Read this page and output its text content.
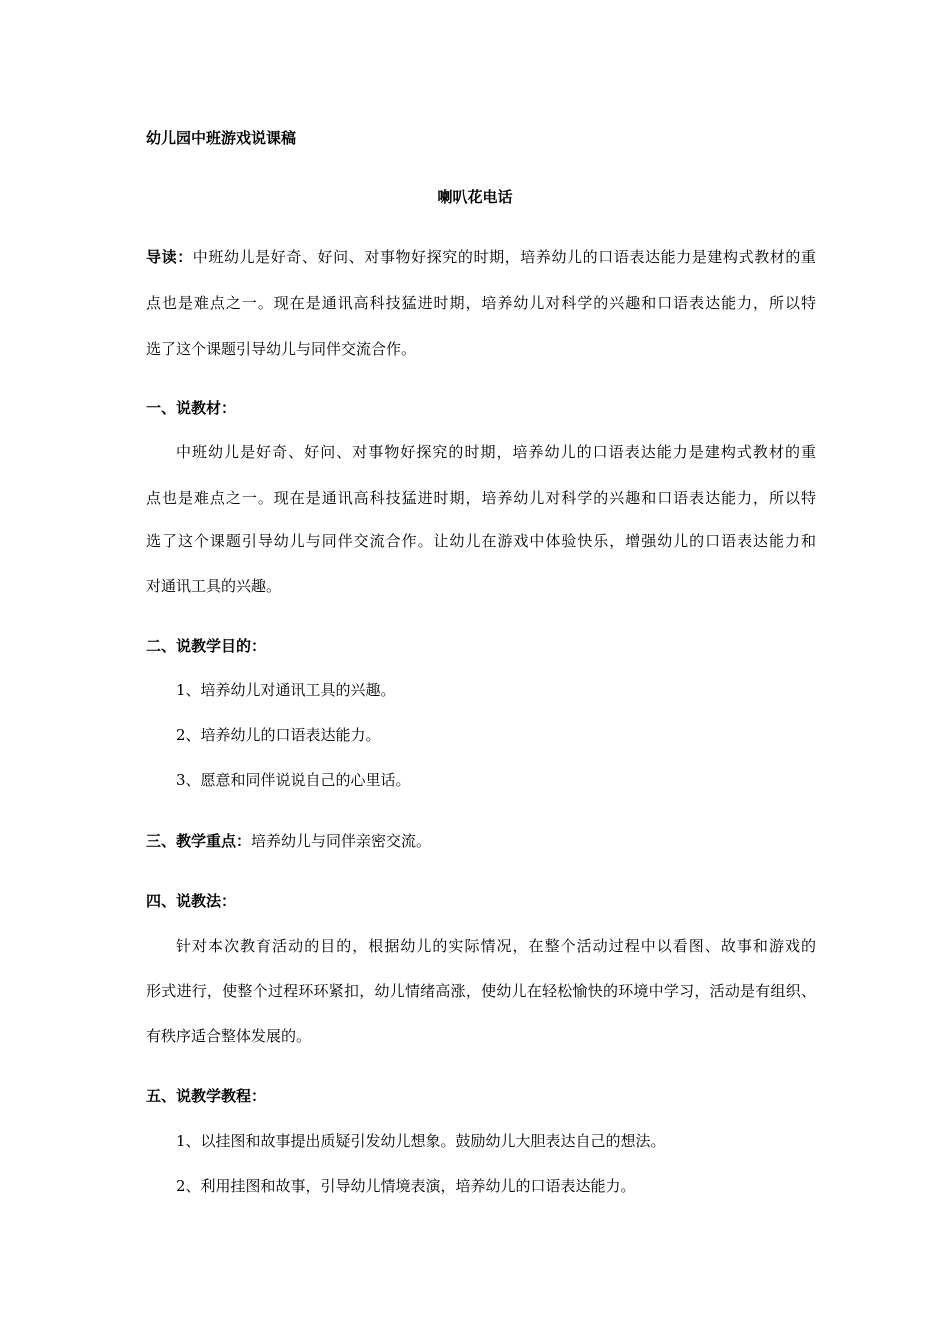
幼儿园中班游戏说课稿
喇叭花电话
导读：中班幼儿是好奇、好问、对事物好探究的时期，培养幼儿的口语表达能力是建构式教材的重
点也是难点之一。现在是通讯高科技猛进时期，培养幼儿对科学的兴趣和口语表达能力，所以特
选了这个课题引导幼儿与同伴交流合作。
一、说教材：
中班幼儿是好奇、好问、对事物好探究的时期，培养幼儿的口语表达能力是建构式教材的重
点也是难点之一。现在是通讯高科技猛进时期，培养幼儿对科学的兴趣和口语表达能力，所以特
选了这个课题引导幼儿与同伴交流合作。让幼儿在游戏中体验快乐，增强幼儿的口语表达能力和
对通讯工具的兴趣。
二、说教学目的：
1、培养幼儿对通讯工具的兴趣。
2、培养幼儿的口语表达能力。
3、愿意和同伴说说自己的心里话。
三、教学重点：培养幼儿与同伴亲密交流。
四、说教法：
针对本次教育活动的目的，根据幼儿的实际情况，在整个活动过程中以看图、故事和游戏的
形式进行，使整个过程环环紧扣，幼儿情绪高涨，使幼儿在轻松愉快的环境中学习，活动是有组织、
有秩序适合整体发展的。
五、说教学教程：
1、以挂图和故事提出质疑引发幼儿想象。鼓励幼儿大胆表达自己的想法。
2、利用挂图和故事，引导幼儿情境表演，培养幼儿的口语表达能力。
